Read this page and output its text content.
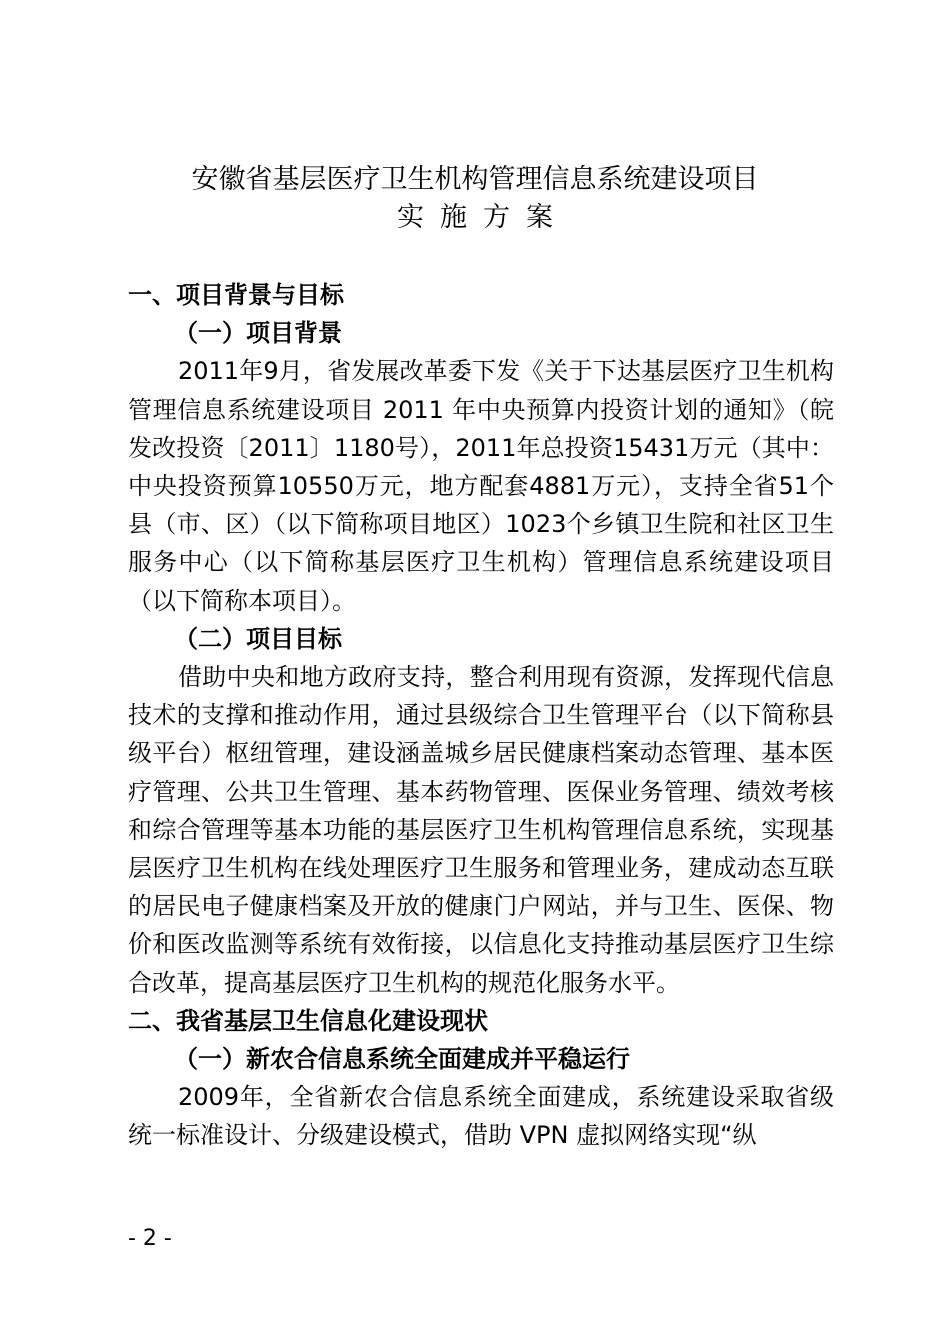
安徽省基层医疗卫生机构管理信息系统建设项目
实施方案

一、项目背景与目标

（一）项目背景

2011年9月，省发展改革委下发《关于下达基层医疗卫生机构管理信息系统建设项目 2011 年中央预算内投资计划的通知》（皖发改投资〔2011〕1180号），2011年总投资15431万元（其中：中央投资预算10550万元，地方配套4881万元），支持全省51个县（市、区）（以下简称项目地区）1023个乡镇卫生院和社区卫生服务中心（以下简称基层医疗卫生机构）管理信息系统建设项目（以下简称本项目）。

（二）项目目标

借助中央和地方政府支持，整合利用现有资源，发挥现代信息技术的支撑和推动作用，通过县级综合卫生管理平台（以下简称县级平台）枢纽管理，建设涵盖城乡居民健康档案动态管理、基本医疗管理、公共卫生管理、基本药物管理、医保业务管理、绩效考核和综合管理等基本功能的基层医疗卫生机构管理信息系统，实现基层医疗卫生机构在线处理医疗卫生服务和管理业务，建成动态互联的居民电子健康档案及开放的健康门户网站，并与卫生、医保、物价和医改监测等系统有效衔接，以信息化支持推动基层医疗卫生综合改革，提高基层医疗卫生机构的规范化服务水平。

二、我省基层卫生信息化建设现状

（一）新农合信息系统全面建成并平稳运行

2009年，全省新农合信息系统全面建成，系统建设采取省级统一标准设计、分级建设模式，借助 VPN 虚拟网络实现“纵

- 2 -
